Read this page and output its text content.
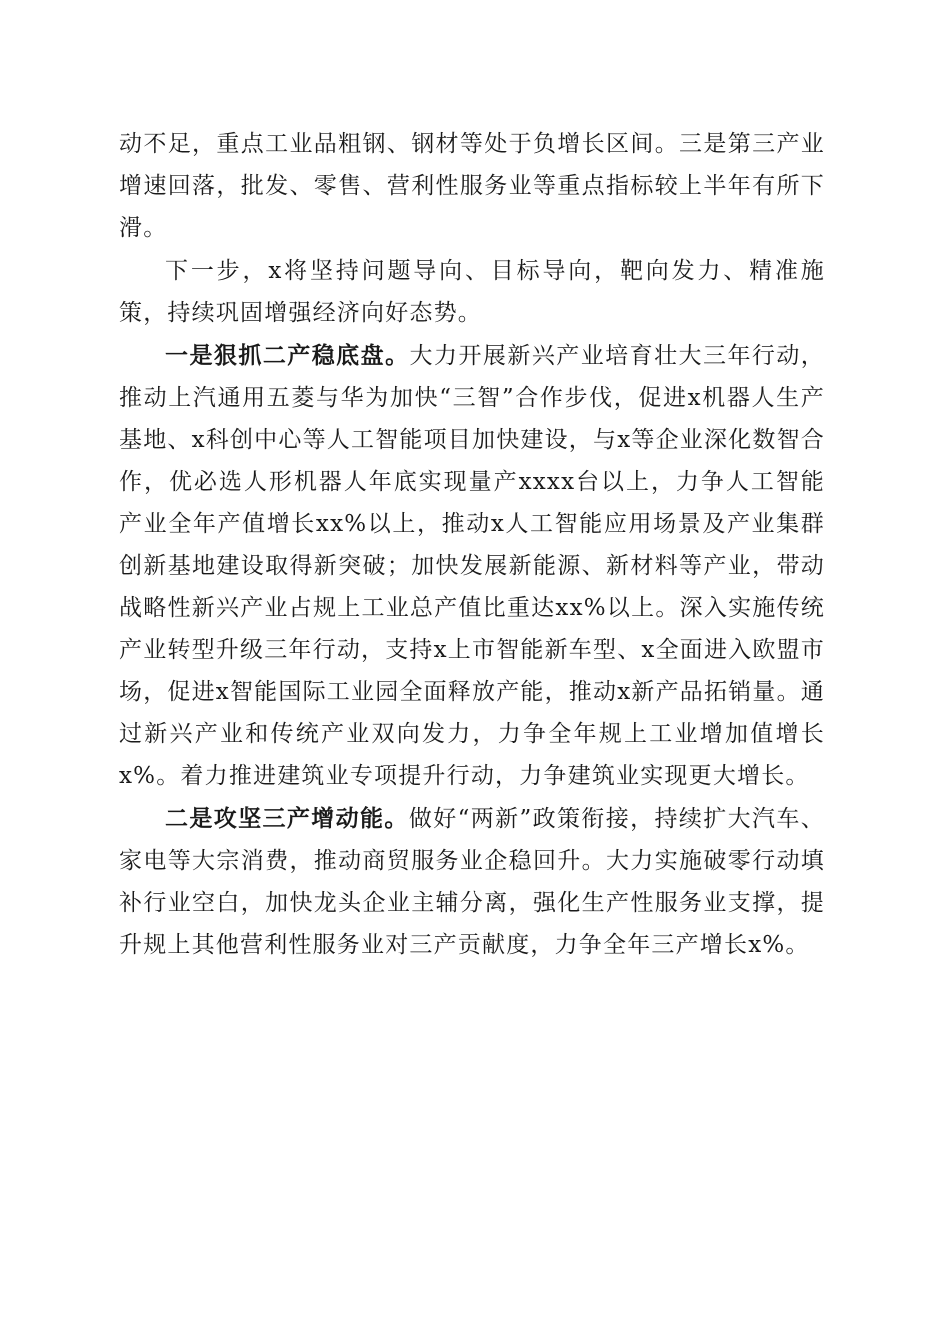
动不足，重点工业品粗钢、钢材等处于负增长区间。三是第三产业增速回落，批发、零售、营利性服务业等重点指标较上半年有所下滑。

下一步，x将坚持问题导向、目标导向，靶向发力、精准施策，持续巩固增强经济向好态势。

一是狠抓二产稳底盘。大力开展新兴产业培育壮大三年行动，推动上汽通用五菱与华为加快“三智”合作步伐，促进x机器人生产基地、x科创中心等人工智能项目加快建设，与x等企业深化数智合作，优必选人形机器人年底实现量产xxxx台以上，力争人工智能产业全年产值增长xx%以上，推动x人工智能应用场景及产业集群创新基地建设取得新突破；加快发展新能源、新材料等产业，带动战略性新兴产业占规上工业总产值比重达xx%以上。深入实施传统产业转型升级三年行动，支持x上市智能新车型、x全面进入欧盟市场，促进x智能国际工业园全面释放产能，推动x新产品拓销量。通过新兴产业和传统产业双向发力，力争全年规上工业增加值增长x%。着力推进建筑业专项提升行动，力争建筑业实现更大增长。

二是攻坚三产增动能。做好“两新”政策衔接，持续扩大汽车、家电等大宗消费，推动商贸服务业企稳回升。大力实施破零行动填补行业空白，加快龙头企业主辅分离，强化生产性服务业支撑，提升规上其他营利性服务业对三产贡献度，力争全年三产增长x%。
